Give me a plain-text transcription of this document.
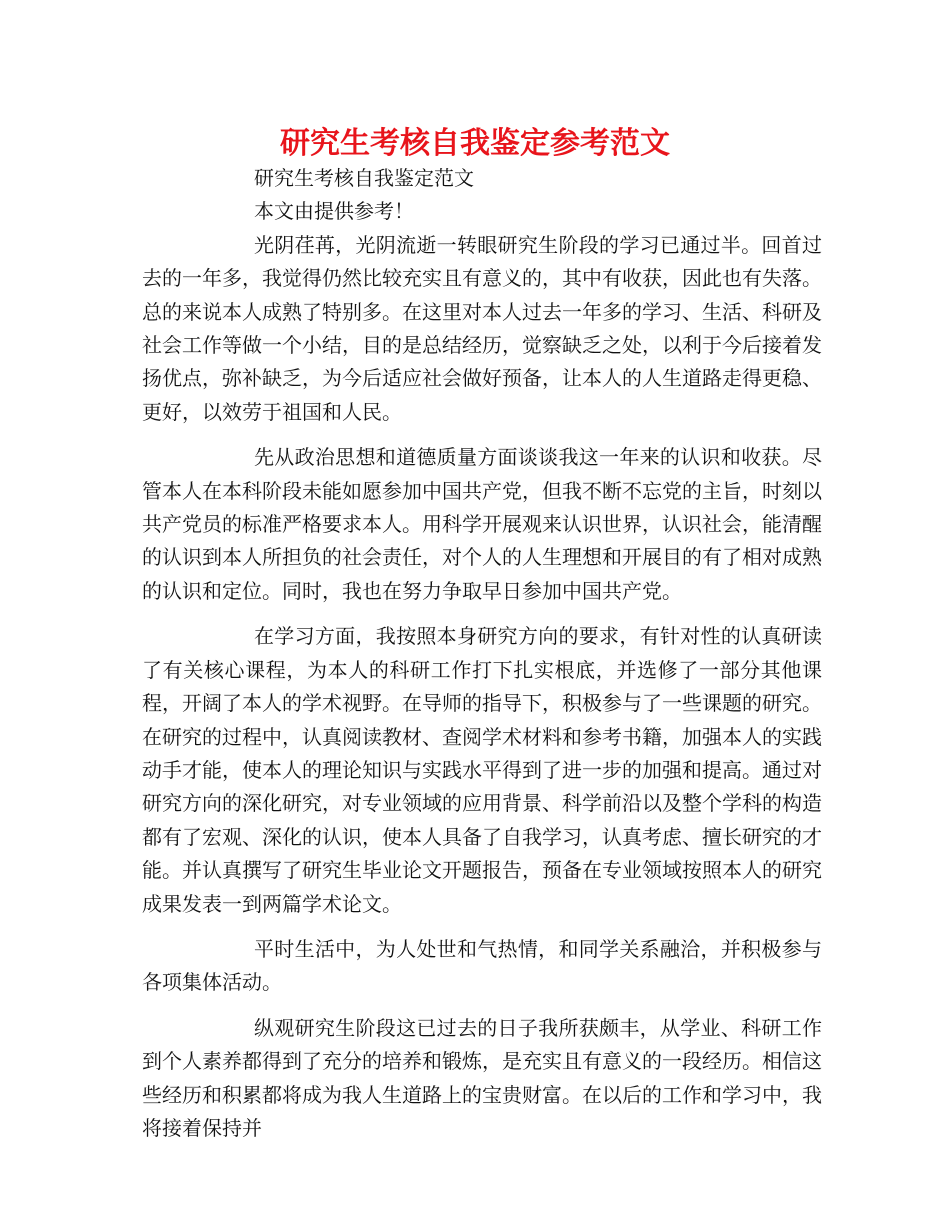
研究生考核自我鉴定参考范文

研究生考核自我鉴定范文

本文由提供参考！

光阴荏苒，光阴流逝一转眼研究生阶段的学习已通过半。回首过去的一年多，我觉得仍然比较充实且有意义的，其中有收获，因此也有失落。总的来说本人成熟了特别多。在这里对本人过去一年多的学习、生活、科研及社会工作等做一个小结，目的是总结经历，觉察缺乏之处，以利于今后接着发扬优点，弥补缺乏，为今后适应社会做好预备，让本人的人生道路走得更稳、更好，以效劳于祖国和人民。

先从政治思想和道德质量方面谈谈我这一年来的认识和收获。尽管本人在本科阶段未能如愿参加中国共产党，但我不断不忘党的主旨，时刻以共产党员的标准严格要求本人。用科学开展观来认识世界，认识社会，能清醒的认识到本人所担负的社会责任，对个人的人生理想和开展目的有了相对成熟的认识和定位。同时，我也在努力争取早日参加中国共产党。

在学习方面，我按照本身研究方向的要求，有针对性的认真研读了有关核心课程，为本人的科研工作打下扎实根底，并选修了一部分其他课程，开阔了本人的学术视野。在导师的指导下，积极参与了一些课题的研究。在研究的过程中，认真阅读教材、查阅学术材料和参考书籍，加强本人的实践动手才能，使本人的理论知识与实践水平得到了进一步的加强和提高。通过对研究方向的深化研究，对专业领域的应用背景、科学前沿以及整个学科的构造都有了宏观、深化的认识，使本人具备了自我学习，认真考虑、擅长研究的才能。并认真撰写了研究生毕业论文开题报告，预备在专业领域按照本人的研究成果发表一到两篇学术论文。

平时生活中，为人处世和气热情，和同学关系融洽，并积极参与各项集体活动。

纵观研究生阶段这已过去的日子我所获颇丰，从学业、科研工作到个人素养都得到了充分的培养和锻炼，是充实且有意义的一段经历。相信这些经历和积累都将成为我人生道路上的宝贵财富。在以后的工作和学习中，我将接着保持并
